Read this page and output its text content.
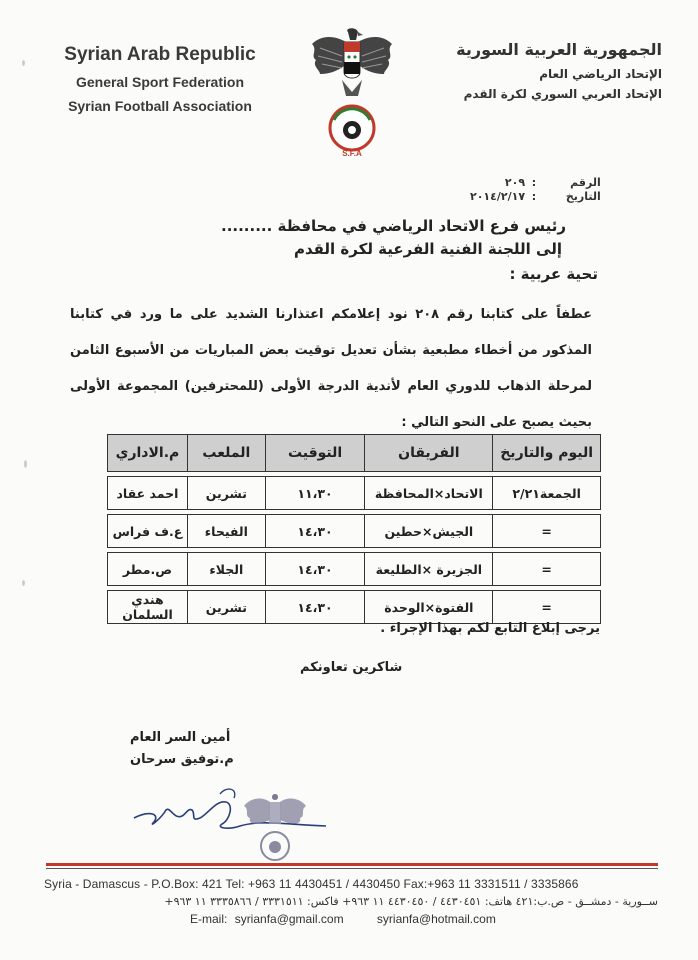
Syrian Arab Republic
General Sport Federation
Syrian Football Association
S.F.A
الجمهورية العربية السورية
الإتحاد الرياضي العام
الإتحاد العربي السوري لكرة القدم
الرقم : ٢٠٩
التاريخ : ٢٠١٤/٢/١٧
رئيس فرع الاتحاد الرياضي في محافظة .........
إلى اللجنة الفنية الفرعية لكرة القدم
تحية عربية :
عطفاً على كتابنا رقم ٢٠٨ نود إعلامكم اعتذارنا الشديد على ما ورد في كتابنا المذكور من أخطاء مطبعية بشأن تعديل توقيت بعض المباريات من الأسبوع الثامن لمرحلة الذهاب للدوري العام لأندية الدرجة الأولى (للمحترفين) المجموعة الأولى بحيث يصبح على النحو التالي :
اليوم والتاريخ	الفريقان	التوقيت	الملعب	م.الاداري

الجمعة٢/٢١	الاتحاد×المحافظة	١١،٣٠	تشرين	احمد عقاد

=	الجيش×حطين	١٤،٣٠	الفيحاء	ع.ف فراس

=	الجزيرة ×الطليعة	١٤،٣٠	الجلاء	ص.مطر

=	الفتوة×الوحدة	١٤،٣٠	تشرين	هندي السلمان
يرجى إبلاغ التابع لكم بهذا الإجراء .
شاكرين تعاونكم
أمين السر العام
م.توفيق سرحان
Syria - Damascus - P.O.Box: 421 Tel: +963 11 4430451 / 4430450 Fax:+963 11 3331511 / 3335866
ســورية - دمشــق - ص.ب:٤٢١ هاتف: ٤٤٣٠٤٥١ / ٤٤٣٠٤٥٠ ١١ ٩٦٣+ فاكس: ٣٣٣١٥١١ / ٣٣٣٥٨٦٦ ١١ ٩٦٣+
E-mail: syrianfa@gmail.com	syrianfa@hotmail.com
